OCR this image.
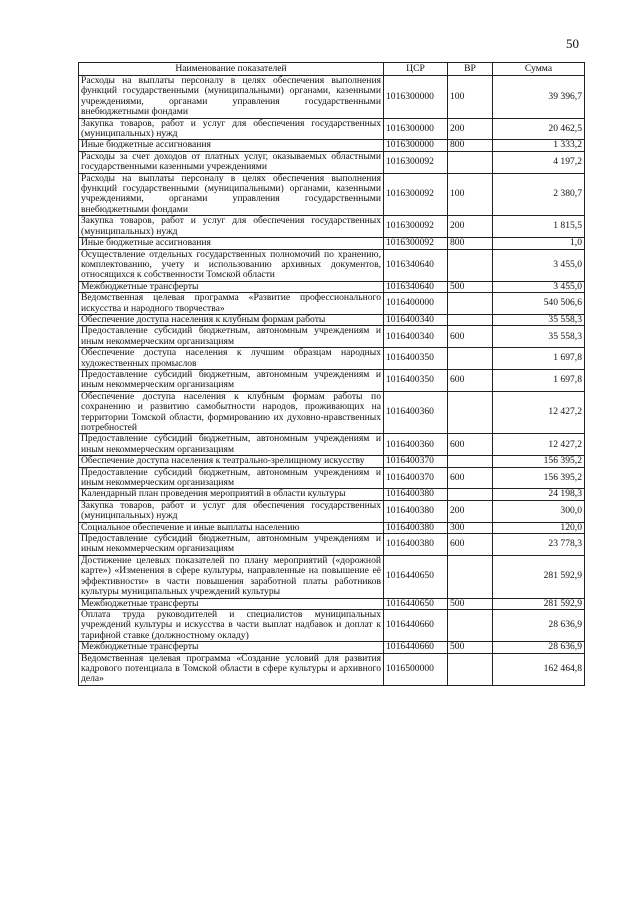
50
Наименование показателей	ЦСР	ВР	Сумма
Расходы на выплаты персоналу в целях обеспечения выполнения функций государственными (муниципальными) органами, казенными учреждениями, органами управления государственными внебюджетными фондами	1016300000	100	39 396,7
Закупка товаров, работ и услуг для обеспечения государственных (муниципальных) нужд	1016300000	200	20 462,5
Иные бюджетные ассигнования	1016300000	800	1 333,2
Расходы за счет доходов от платных услуг, оказываемых областными государственными казенными учреждениями	1016300092		4 197,2
Расходы на выплаты персоналу в целях обеспечения выполнения функций государственными (муниципальными) органами, казенными учреждениями, органами управления государственными внебюджетными фондами	1016300092	100	2 380,7
Закупка товаров, работ и услуг для обеспечения государственных (муниципальных) нужд	1016300092	200	1 815,5
Иные бюджетные ассигнования	1016300092	800	1,0
Осуществление отдельных государственных полномочий по хранению, комплектованию, учету и использованию архивных документов, относящихся к собственности Томской области	1016340640		3 455,0
Межбюджетные трансферты	1016340640	500	3 455,0
Ведомственная целевая программа «Развитие профессионального искусства и народного творчества»	1016400000		540 506,6
Обеспечение доступа населения к клубным формам работы	1016400340		35 558,3
Предоставление субсидий бюджетным, автономным учреждениям и иным некоммерческим организациям	1016400340	600	35 558,3
Обеспечение доступа населения к лучшим образцам народных художественных промыслов	1016400350		1 697,8
Предоставление субсидий бюджетным, автономным учреждениям и иным некоммерческим организациям	1016400350	600	1 697,8
Обеспечение доступа населения к клубным формам работы по сохранению и развитию самобытности народов, проживающих на территории Томской области, формированию их духовно-нравственных потребностей	1016400360		12 427,2
Предоставление субсидий бюджетным, автономным учреждениям и иным некоммерческим организациям	1016400360	600	12 427,2
Обеспечение доступа населения к театрально-зрелищному искусству	1016400370		156 395,2
Предоставление субсидий бюджетным, автономным учреждениям и иным некоммерческим организациям	1016400370	600	156 395,2
Календарный план проведения мероприятий в области культуры	1016400380		24 198,3
Закупка товаров, работ и услуг для обеспечения государственных (муниципальных) нужд	1016400380	200	300,0
Социальное обеспечение и иные выплаты населению	1016400380	300	120,0
Предоставление субсидий бюджетным, автономным учреждениям и иным некоммерческим организациям	1016400380	600	23 778,3
Достижение целевых показателей по плану мероприятий («дорожной карте») «Изменения в сфере культуры, направленные на повышение её эффективности» в части повышения заработной платы работников культуры муниципальных учреждений культуры	1016440650		281 592,9
Межбюджетные трансферты	1016440650	500	281 592,9
Оплата труда руководителей и специалистов муниципальных учреждений культуры и искусства в части выплат надбавок и доплат к тарифной ставке (должностному окладу)	1016440660		28 636,9
Межбюджетные трансферты	1016440660	500	28 636,9
Ведомственная целевая программа «Создание условий для развития кадрового потенциала в Томской области в сфере культуры и архивного дела»	1016500000		162 464,8
